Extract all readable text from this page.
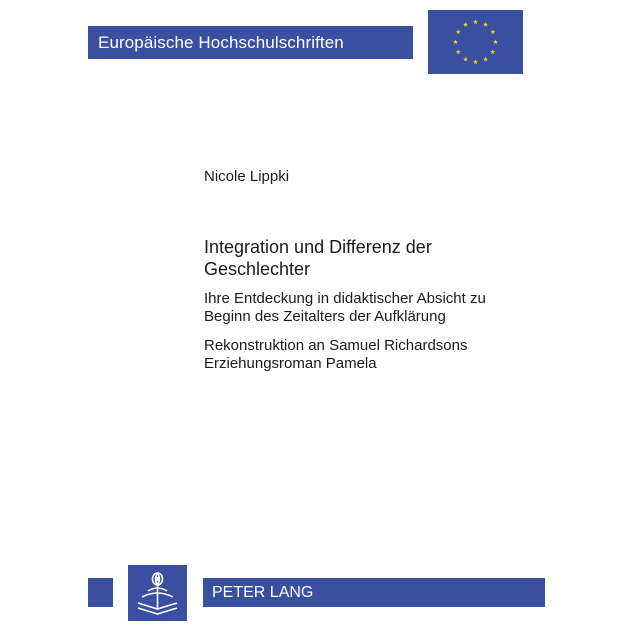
Europäische Hochschulschriften
Nicole Lippki
Integration und Differenz der Geschlechter
Ihre Entdeckung in didaktischer Absicht zu Beginn des Zeitalters der Aufklärung
Rekonstruktion an Samuel Richardsons Erziehungsroman Pamela
PETER LANG
